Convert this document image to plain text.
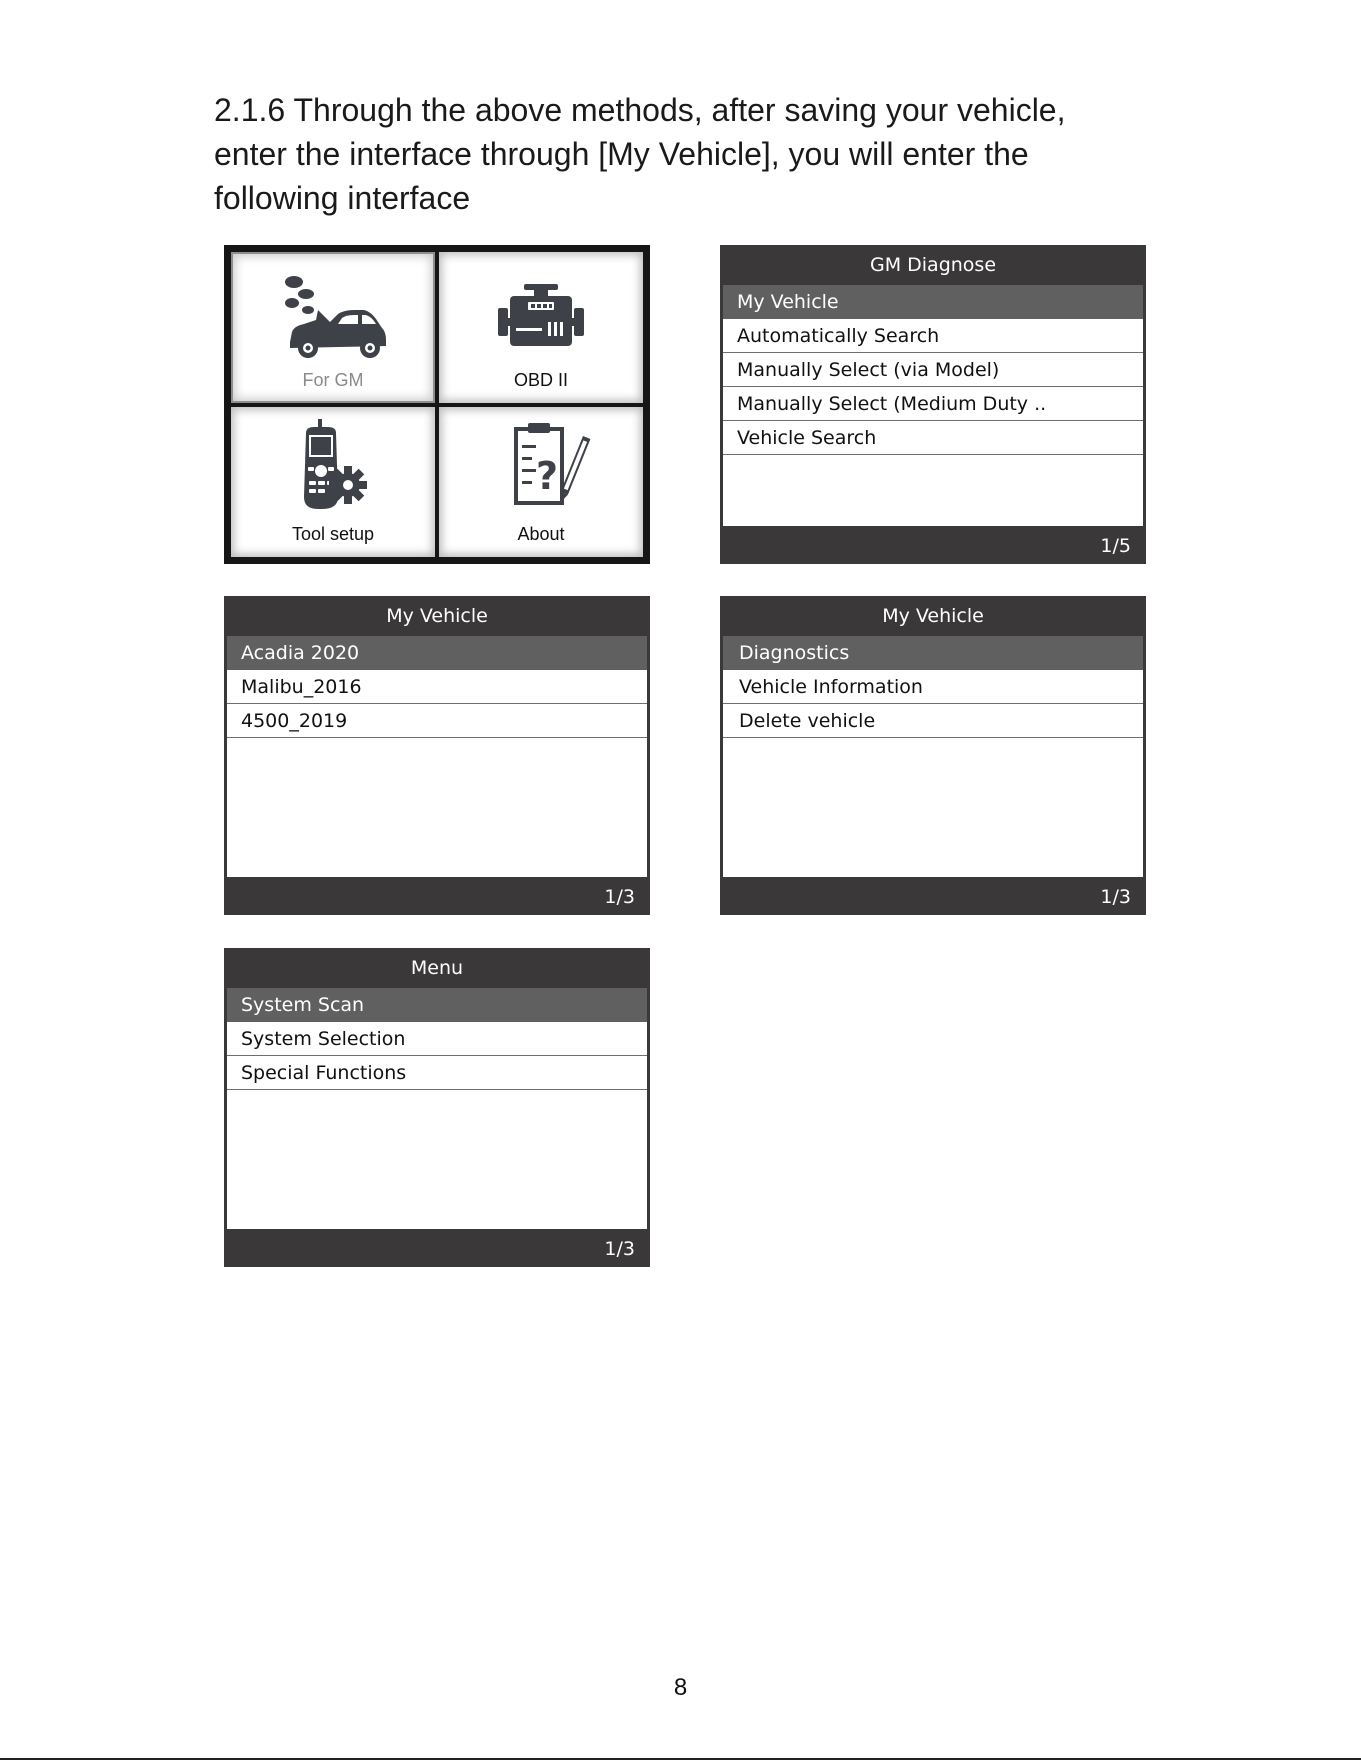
2.1.6 Through the above methods, after saving your vehicle,
enter the interface through [My Vehicle], you will enter the
following interface
For GM	OBD II
Tool setup
?
About
GM Diagnose
My Vehicle
Automatically Search
Manually Select (via Model)
Manually Select (Medium Duty ..
Vehicle Search
1/5
My Vehicle
Acadia 2020
Malibu_2016
4500_2019
1/3
My Vehicle
Diagnostics
Vehicle Information
Delete vehicle
1/3
Menu
System Scan
System Selection
Special Functions
1/3
8
